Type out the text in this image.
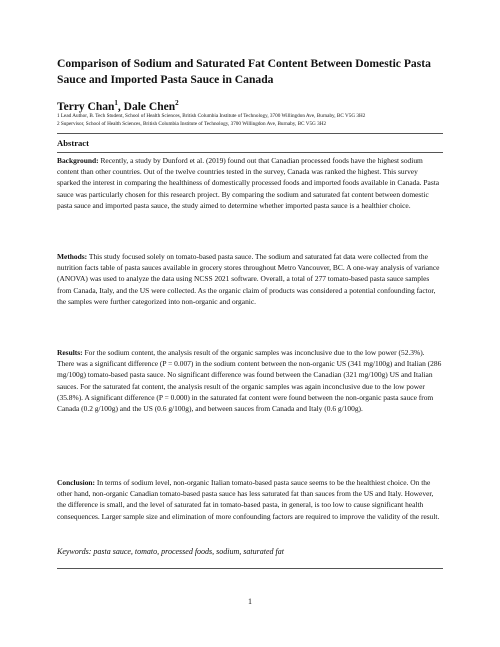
Comparison of Sodium and Saturated Fat Content Between Domestic Pasta Sauce and Imported Pasta Sauce in Canada

Terry Chan$^1$, Dale Chen$^2$

1 Lead Author, B. Tech Student, School of Health Sciences, British Columbia Institute of Technology, 3700 Willingdon Ave, Burnaby, BC V5G 3H2

2 Supervisor, School of Health Sciences, British Columbia Institute of Technology, 3700 Willingdon Ave, Burnaby, BC V5G 3H2

Abstract

Background: Recently, a study by Dunford et al. (2019) found out that Canadian processed foods have the highest sodium content than other countries. Out of the twelve countries tested in the survey, Canada was ranked the highest. This survey sparked the interest in comparing the healthiness of domestically processed foods and imported foods available in Canada. Pasta sauce was particularly chosen for this research project. By comparing the sodium and saturated fat content between domestic pasta sauce and imported pasta sauce, the study aimed to determine whether imported pasta sauce is a healthier choice.

Methods: This study focused solely on tomato-based pasta sauce. The sodium and saturated fat data were collected from the nutrition facts table of pasta sauces available in grocery stores throughout Metro Vancouver, BC. A one-way analysis of variance (ANOVA) was used to analyze the data using NCSS 2021 software. Overall, a total of 277 tomato-based pasta sauce samples from Canada, Italy, and the US were collected. As the organic claim of products was considered a potential confounding factor, the samples were further categorized into non-organic and organic.

Results: For the sodium content, the analysis result of the organic samples was inconclusive due to the low power (52.3%). There was a significant difference (P = 0.007) in the sodium content between the non-organic US (341 mg/100g) and Italian (286 mg/100g) tomato-based pasta sauce. No significant difference was found between the Canadian (321 mg/100g) US and Italian sauces. For the saturated fat content, the analysis result of the organic samples was again inconclusive due to the low power (35.8%). A significant difference (P = 0.000) in the saturated fat content were found between the non-organic pasta sauce from Canada (0.2 g/100g) and the US (0.6 g/100g), and between sauces from Canada and Italy (0.6 g/100g).

Conclusion: In terms of sodium level, non-organic Italian tomato-based pasta sauce seems to be the healthiest choice. On the other hand, non-organic Canadian tomato-based pasta sauce has less saturated fat than sauces from the US and Italy. However, the difference is small, and the level of saturated fat in tomato-based pasta, in general, is too low to cause significant health consequences. Larger sample size and elimination of more confounding factors are required to improve the validity of the result.

Keywords: pasta sauce, tomato, processed foods, sodium, saturated fat

1
